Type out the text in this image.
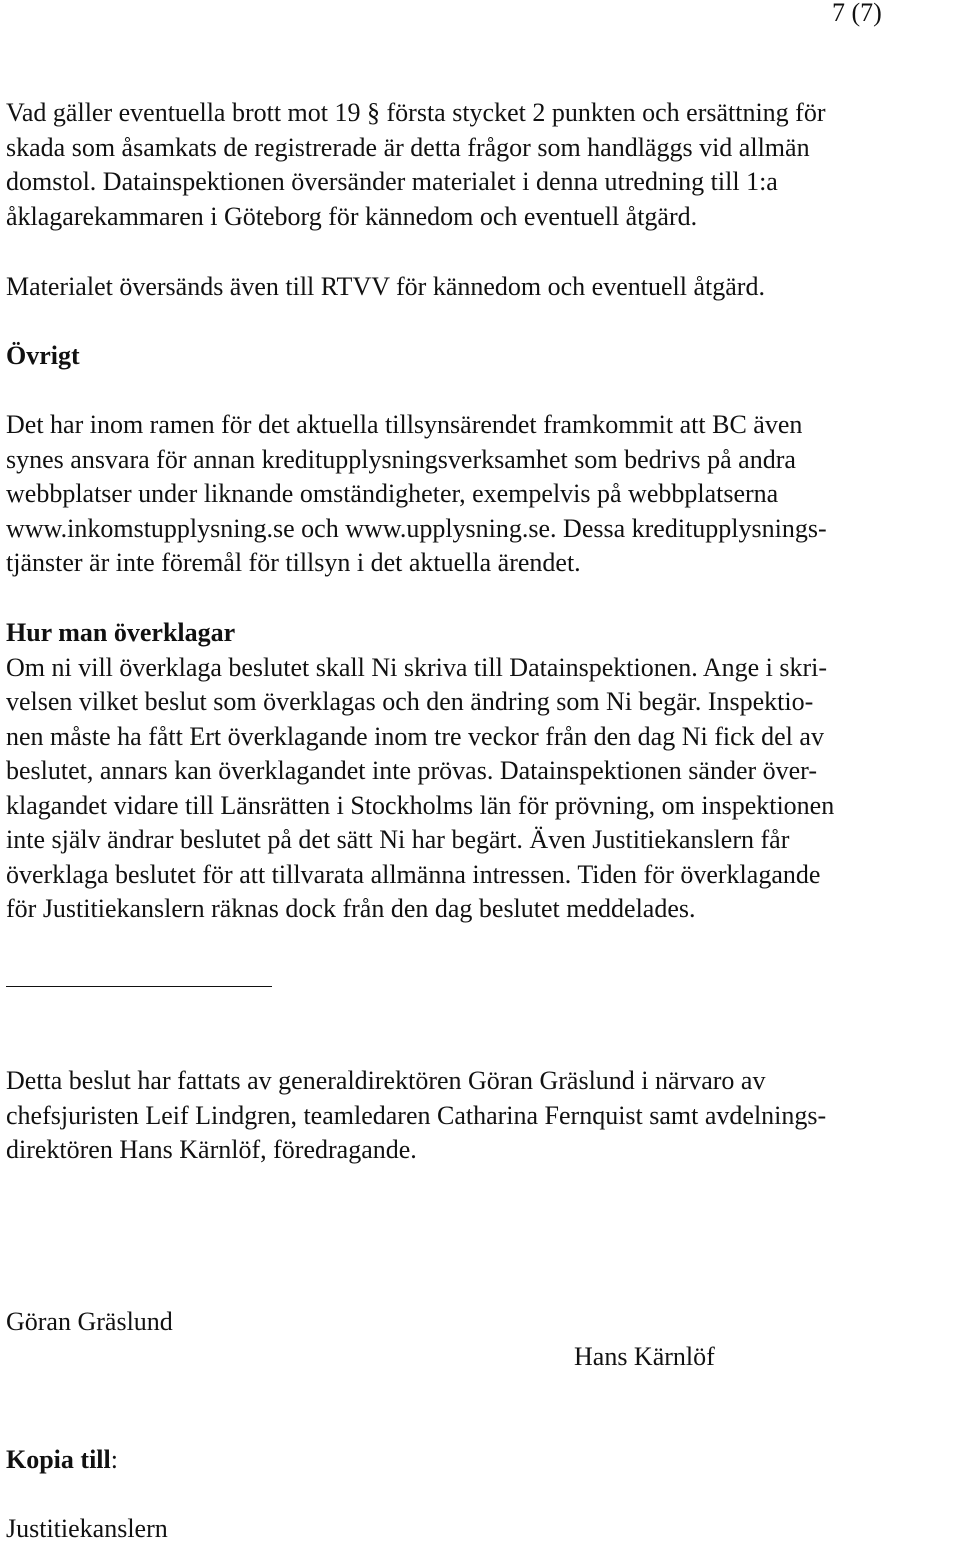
7 (7)

Vad gäller eventuella brott mot 19 § första stycket 2 punkten och ersättning för
skada som åsamkats de registrerade är detta frågor som handläggs vid allmän
domstol. Datainspektionen översänder materialet i denna utredning till 1:a
åklagarekammaren i Göteborg för kännedom och eventuell åtgärd.

Materialet översänds även till RTVV för kännedom och eventuell åtgärd.

Övrigt

Det har inom ramen för det aktuella tillsynsärendet framkommit att BC även
synes ansvara för annan kreditupplysningsverksamhet som bedrivs på andra
webbplatser under liknande omständigheter, exempelvis på webbplatserna
www.inkomstupplysning.se och www.upplysning.se. Dessa kreditupplysnings-
tjänster är inte föremål för tillsyn i det aktuella ärendet.

Hur man överklagar
Om ni vill överklaga beslutet skall Ni skriva till Datainspektionen. Ange i skri-
velsen vilket beslut som överklagas och den ändring som Ni begär. Inspektio-
nen måste ha fått Ert överklagande inom tre veckor från den dag Ni fick del av
beslutet, annars kan överklagandet inte prövas. Datainspektionen sänder över-
klagandet vidare till Länsrätten i Stockholms län för prövning, om inspektionen
inte själv ändrar beslutet på det sätt Ni har begärt. Även Justitiekanslern får
överklaga beslutet för att tillvarata allmänna intressen. Tiden för överklagande
för Justitiekanslern räknas dock från den dag beslutet meddelades.

Detta beslut har fattats av generaldirektören Göran Gräslund i närvaro av
chefsjuristen Leif Lindgren, teamledaren Catharina Fernquist samt avdelnings-
direktören Hans Kärnlöf, föredragande.

Göran Gräslund
Hans Kärnlöf
Kopia till:
Justitiekanslern
